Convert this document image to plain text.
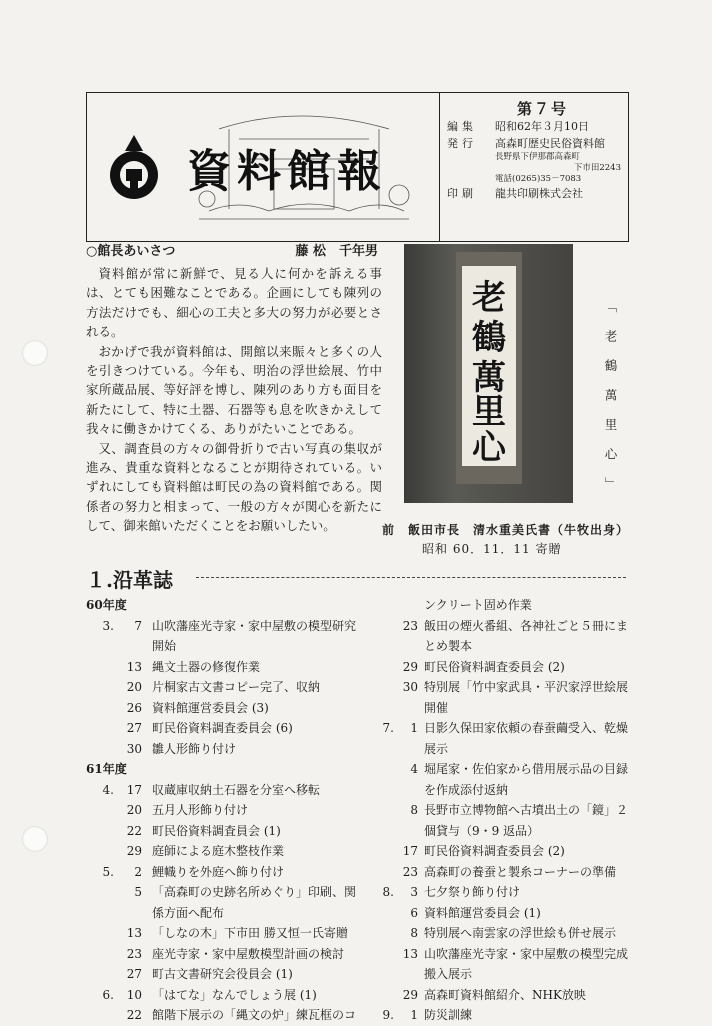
資料館報
第７号
編集	昭和62年３月10日
発行	高森町歴史民俗資料館
長野県下伊那郡高森町
下市田2243
電話(0265)35－7083
印刷	龍共印刷株式会社
○館長あいさつ	藤 松　千年男

資料館が常に新鮮で、見る人に何かを訴える事は、とても困難なことである。企画にしても陳列の方法だけでも、細心の工夫と多大の努力が必要とされる。

おかげで我が資料館は、開館以来賑々と多くの人を引きつけている。今年も、明治の浮世絵展、竹中家所蔵品展、等好評を博し、陳列のあり方も面目を新たにして、特に土器、石器等も息を吹きかえして我々に働きかけてくる、ありがたいことである。

又、調査員の方々の御骨折りで古い写真の集収が進み、貴重な資料となることが期待されている。いずれにしても資料館は町民の為の資料館である。関係者の努力と相まって、一般の方々が関心を新たにして、御来館いただくことをお願いしたい。

老
鶴
萬
里
心	「老鶴萬里心」
前　飯田市長　清水重美氏書（牛牧出身）
昭和 60．11．11 寄贈
１.沿革誌
60年度
3.	7 山吹藩座光寺家・家中屋敷の模型研究
開始
13 縄文土器の修復作業
20 片桐家古文書コピー完了、収納
26 資料館運営委員会 (3)
27 町民俗資料調査委員会 (6)
30 雛人形飾り付け
61年度
4.	17 収蔵庫収納土石器を分室へ移転
20 五月人形飾り付け
22 町民俗資料調査員会 (1)
29 庭師による庭木整枝作業
5.	2 鯉幟りを外庭へ飾り付け
5 「高森町の史跡名所めぐり」印刷、関
係方面へ配布
13 「しなの木」下市田 勝又恒一氏寄贈
23 座光寺家・家中屋敷模型計画の検討
27 町古文書研究会役員会 (1)
6.	10 「はてな」なんでしょう展 (1)
22 館階下展示の「縄文の炉」練瓦框のコ
ンクリート固め作業
23 飯田の煙火番組、各神社ごと５冊にま
とめ製本
29 町民俗資料調査委員会 (2)
30 特別展「竹中家武具・平沢家浮世絵展
開催
7.	1 日影久保田家依頼の春蚕繭受入、乾燥
展示
4 堀尾家・佐伯家から借用展示品の目録
を作成添付返納
8 長野市立博物館へ古墳出土の「鏡」２
個貸与（9・9 返品）
17 町民俗資料調査委員会 (2)
23 高森町の養蚕と製糸コーナーの準備
8.	3 七夕祭り飾り付け
6 資料館運営委員会 (1)
8 特別展へ南雲家の浮世絵も併せ展示
13 山吹藩座光寺家・家中屋敷の模型完成
搬入展示
29 高森町資料館紹介、NHK放映
9.	1 防災訓練
